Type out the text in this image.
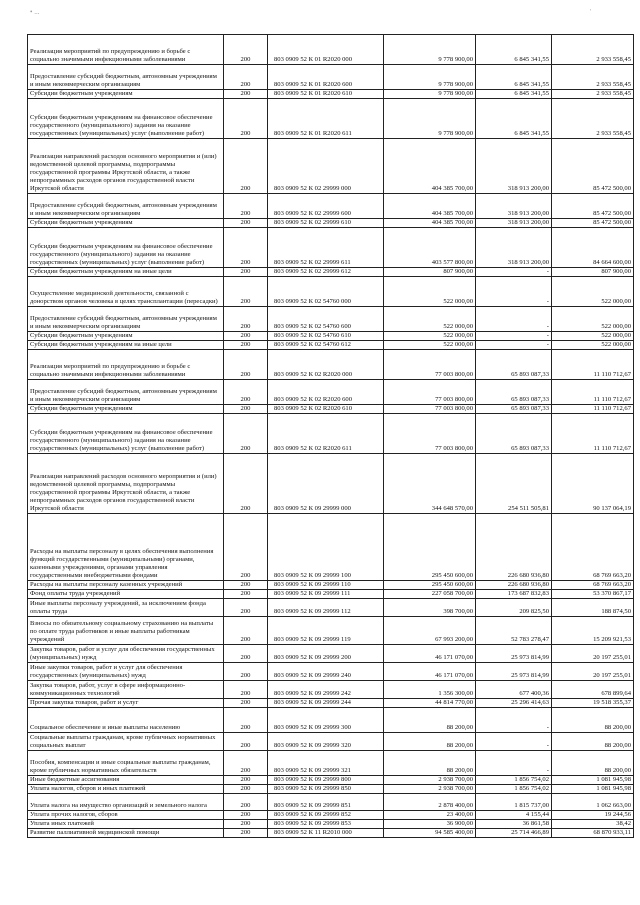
• ...	'
Реализация мероприятий по предупреждению и борьбе с социально значимыми инфекционными заболеваниями	200	803 0909 52 К 01 R2020 000	9 778 900,00	6 845 341,55	2 933 558,45
Предоставление субсидий бюджетным, автономным учреждениям и иным некоммерческим организациям	200	803 0909 52 К 01 R2020 600	9 778 900,00	6 845 341,55	2 933 558,45
Субсидии бюджетным учреждениям	200	803 0909 52 К 01 R2020 610	9 778 900,00	6 845 341,55	2 933 558,45
Субсидии бюджетным учреждениям на финансовое обеспечение государственного (муниципального) задания на оказание государственных (муниципальных) услуг (выполнение работ)	200	803 0909 52 К 01 R2020 611	9 778 900,00	6 845 341,55	2 933 558,45
Реализация направлений расходов основного мероприятия и (или) ведомственной целевой программы, подпрограммы государственной программы Иркутской области, а также непрограммных расходов органов государственной власти Иркутской области	200	803 0909 52 К 02 29999 000	404 385 700,00	318 913 200,00	85 472 500,00
Предоставление субсидий бюджетным, автономным учреждениям и иным некоммерческим организациям	200	803 0909 52 К 02 29999 600	404 385 700,00	318 913 200,00	85 472 500,00
Субсидии бюджетным учреждениям	200	803 0909 52 К 02 29999 610	404 385 700,00	318 913 200,00	85 472 500,00
Субсидии бюджетным учреждениям на финансовое обеспечение государственного (муниципального) задания на оказание государственных (муниципальных) услуг (выполнение работ)	200	803 0909 52 К 02 29999 611	403 577 800,00	318 913 200,00	84 664 600,00
Субсидии бюджетным учреждениям на иные цели	200	803 0909 52 К 02 29999 612	807 900,00	-	807 900,00
Осуществление медицинской деятельности, связанной с донорством органов человека в целях трансплантации (пересадки)	200	803 0909 52 К 02 54760 000	522 000,00	-	522 000,00
Предоставление субсидий бюджетным, автономным учреждениям и иным некоммерческим организациям	200	803 0909 52 К 02 54760 600	522 000,00	-	522 000,00
Субсидии бюджетным учреждениям	200	803 0909 52 К 02 54760 610	522 000,00	-	522 000,00
Субсидии бюджетным учреждениям на иные цели	200	803 0909 52 К 02 54760 612	522 000,00	-	522 000,00
Реализация мероприятий по предупреждению и борьбе с социально значимыми инфекционными заболеваниями	200	803 0909 52 К 02 R2020 000	77 003 800,00	65 893 087,33	11 110 712,67
Предоставление субсидий бюджетным, автономным учреждениям и иным некоммерческим организациям	200	803 0909 52 К 02 R2020 600	77 003 800,00	65 893 087,33	11 110 712,67
Субсидии бюджетным учреждениям	200	803 0909 52 К 02 R2020 610	77 003 800,00	65 893 087,33	11 110 712,67
Субсидии бюджетным учреждениям на финансовое обеспечение государственного (муниципального) задания на оказание государственных (муниципальных) услуг (выполнение работ)	200	803 0909 52 К 02 R2020 611	77 003 800,00	65 893 087,33	11 110 712,67
Реализация направлений расходов основного мероприятия и (или) ведомственной целевой программы, подпрограммы государственной программы Иркутской области, а также непрограммных расходов органов государственной власти Иркутской области	200	803 0909 52 К 09 29999 000	344 648 570,00	254 511 505,81	90 137 064,19
Расходы на выплаты персоналу в целях обеспечения выполнения функций государственными (муниципальными) органами, казенными учреждениями, органами управления государственными внебюджетными фондами	200	803 0909 52 К 09 29999 100	295 450 600,00	226 680 936,80	68 769 663,20
Расходы на выплаты персоналу казенных учреждений	200	803 0909 52 К 09 29999 110	295 450 600,00	226 680 936,80	68 769 663,20
Фонд оплаты труда учреждений	200	803 0909 52 К 09 29999 111	227 058 700,00	173 687 832,83	53 370 867,17
Иные выплаты персоналу учреждений, за исключением фонда оплаты труда	200	803 0909 52 К 09 29999 112	398 700,00	209 825,50	188 874,50
Взносы по обязательному социальному страхованию на выплаты по оплате труда работников и иные выплаты работникам учреждений	200	803 0909 52 К 09 29999 119	67 993 200,00	52 783 278,47	15 209 921,53
Закупка товаров, работ и услуг для обеспечения государственных (муниципальных) нужд	200	803 0909 52 К 09 29999 200	46 171 070,00	25 973 814,99	20 197 255,01
Иные закупки товаров, работ и услуг для обеспечения государственных (муниципальных) нужд	200	803 0909 52 К 09 29999 240	46 171 070,00	25 973 814,99	20 197 255,01
Закупка товаров, работ, услуг в сфере информационно-коммуникационных технологий	200	803 0909 52 К 09 29999 242	1 356 300,00	677 400,36	678 899,64
Прочая закупка товаров, работ и услуг	200	803 0909 52 К 09 29999 244	44 814 770,00	25 296 414,63	19 518 355,37
Социальное обеспечение и иные выплаты населению	200	803 0909 52 К 09 29999 300	88 200,00	-	88 200,00
Социальные выплаты гражданам, кроме публичных нормативных социальных выплат	200	803 0909 52 К 09 29999 320	88 200,00	-	88 200,00
Пособия, компенсации и иные социальные выплаты гражданам, кроме публичных нормативных обязательств	200	803 0909 52 К 09 29999 321	88 200,00	-	88 200,00
Иные бюджетные ассигнования	200	803 0909 52 К 09 29999 800	2 938 700,00	1 856 754,02	1 081 945,98
Уплата налогов, сборов и иных платежей	200	803 0909 52 К 09 29999 850	2 938 700,00	1 856 754,02	1 081 945,98
Уплата налога на имущество организаций и земельного налога	200	803 0909 52 К 09 29999 851	2 878 400,00	1 815 737,00	1 062 663,00
Уплата прочих налогов, сборов	200	803 0909 52 К 09 29999 852	23 400,00	4 155,44	19 244,56
Уплата иных платежей	200	803 0909 52 К 09 29999 853	36 900,00	36 861,58	38,42
Развитие паллиативной медицинской помощи	200	803 0909 52 К 11 R2010 000	94 585 400,00	25 714 466,89	68 870 933,11
